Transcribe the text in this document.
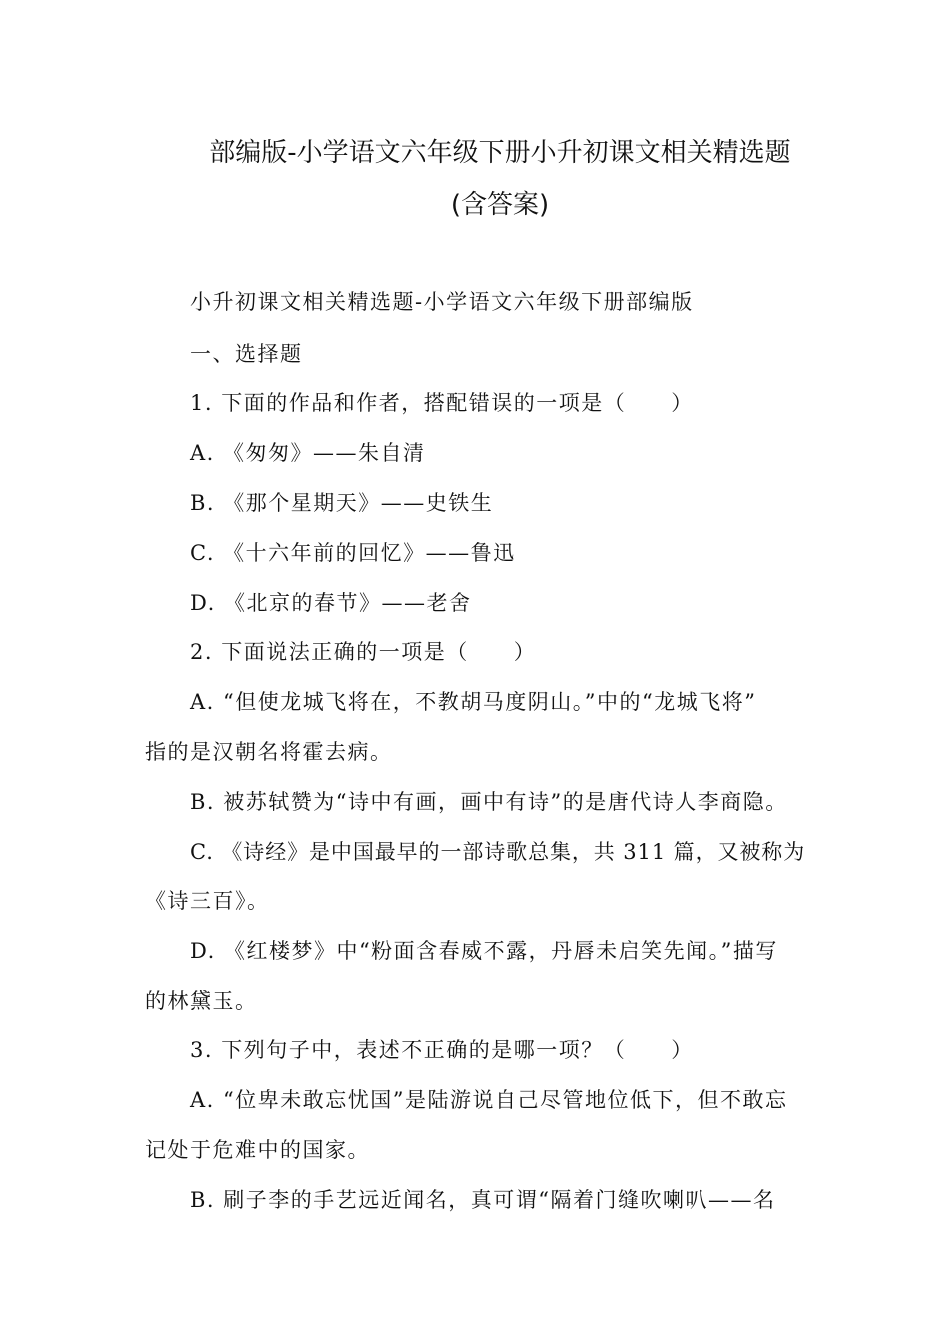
部编版-小学语文六年级下册小升初课文相关精选题
(含答案)
小升初课文相关精选题-小学语文六年级下册部编版
一、选择题
1. 下面的作品和作者，搭配错误的一项是（　　）
A. 《匆匆》——朱自清
B. 《那个星期天》——史铁生
C. 《十六年前的回忆》——鲁迅
D. 《北京的春节》——老舍
2. 下面说法正确的一项是（　　）
A. “但使龙城飞将在，不教胡马度阴山。”中的“龙城飞将”
指的是汉朝名将霍去病。
B. 被苏轼赞为“诗中有画，画中有诗”的是唐代诗人李商隐。
C. 《诗经》是中国最早的一部诗歌总集，共 311 篇，又被称为
《诗三百》。
D. 《红楼梦》中“粉面含春威不露，丹唇未启笑先闻。”描写
的林黛玉。
3. 下列句子中，表述不正确的是哪一项？（　　）
A. “位卑未敢忘忧国”是陆游说自己尽管地位低下，但不敢忘
记处于危难中的国家。
B. 刷子李的手艺远近闻名，真可谓“隔着门缝吹喇叭——名
